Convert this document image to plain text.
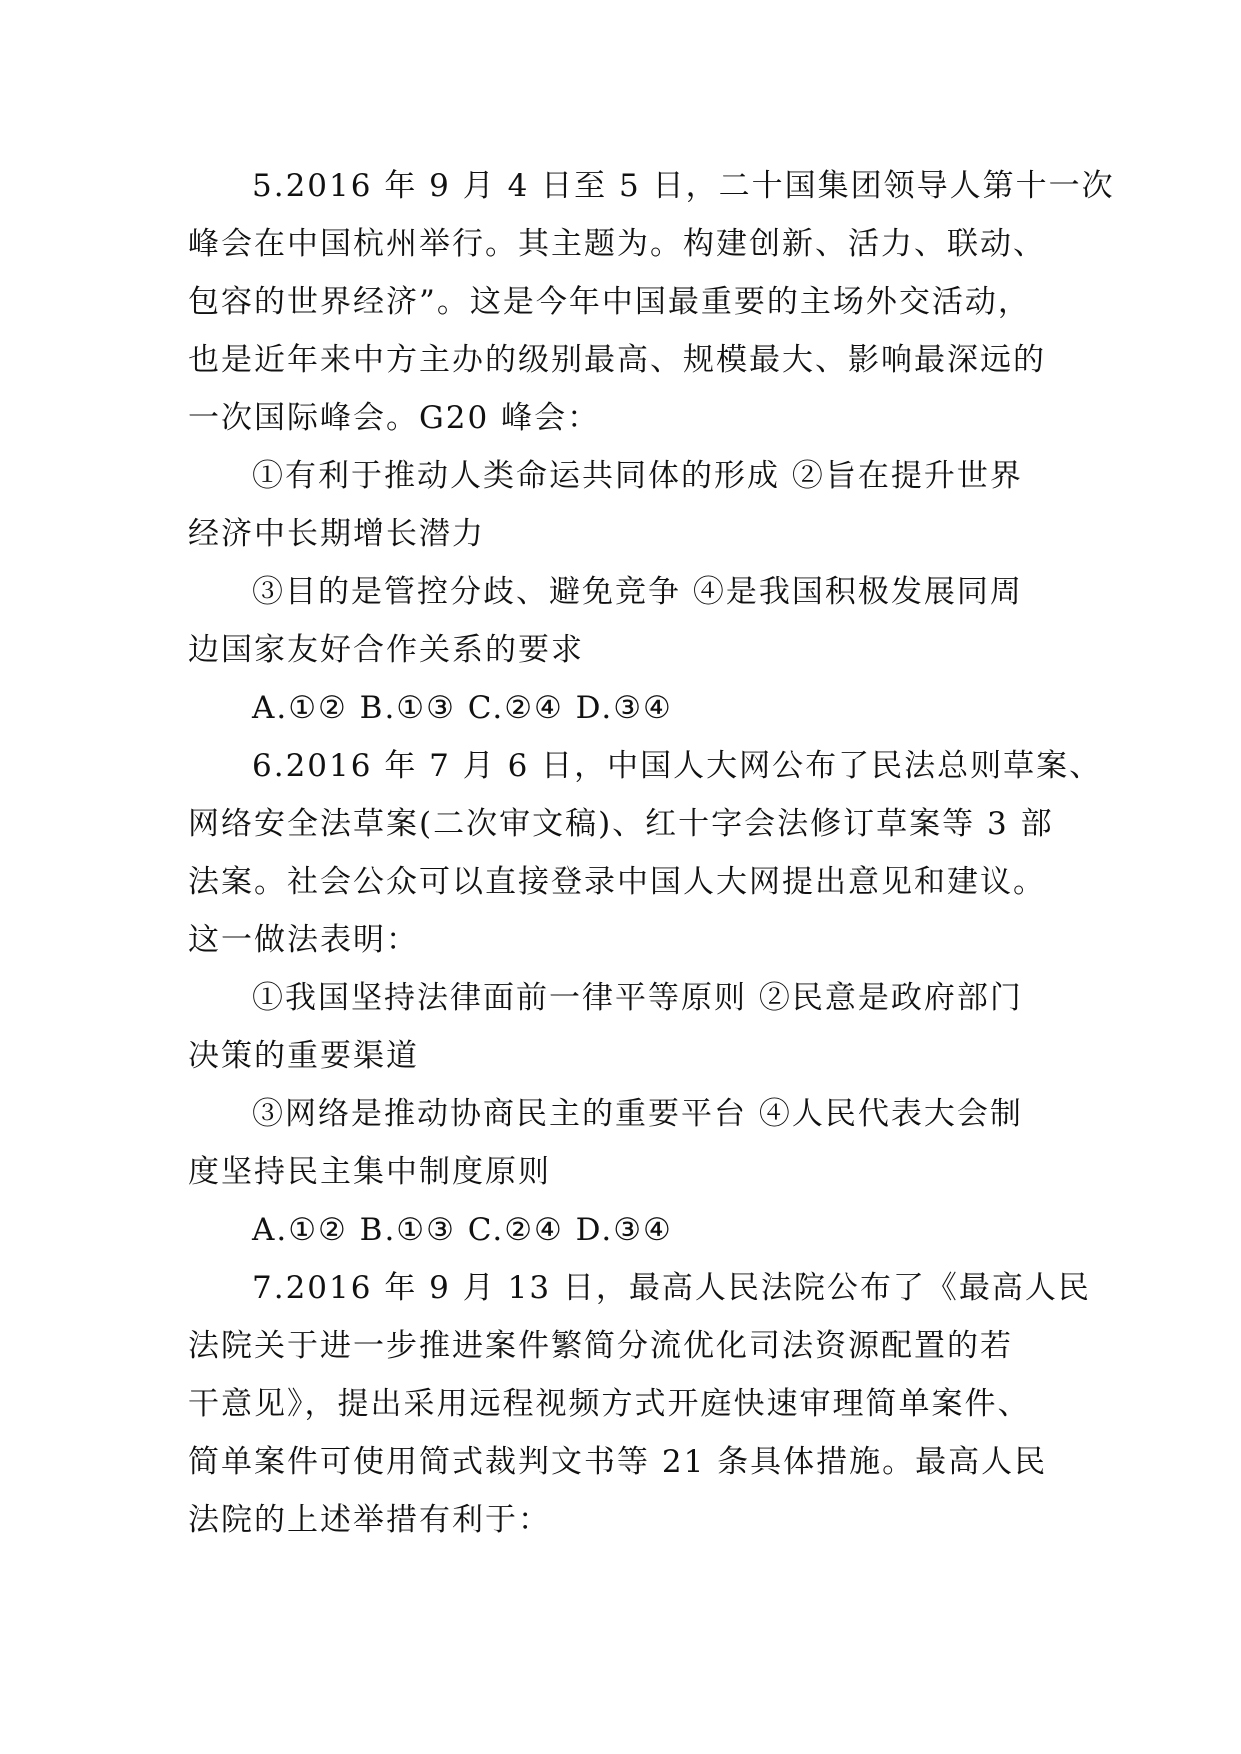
5.2016 年 9 月 4 日至 5 日，二十国集团领导人第十一次
峰会在中国杭州举行。其主题为。构建创新、活力、联动、
包容的世界经济”。这是今年中国最重要的主场外交活动，
也是近年来中方主办的级别最高、规模最大、影响最深远的
一次国际峰会。G20 峰会：
①有利于推动人类命运共同体的形成 ②旨在提升世界
经济中长期增长潜力
③目的是管控分歧、避免竞争 ④是我国积极发展同周
边国家友好合作关系的要求
A.①② B.①③ C.②④ D.③④
6.2016 年 7 月 6 日，中国人大网公布了民法总则草案、
网络安全法草案(二次审文稿)、红十字会法修订草案等 3 部
法案。社会公众可以直接登录中国人大网提出意见和建议。
这一做法表明：
①我国坚持法律面前一律平等原则 ②民意是政府部门
决策的重要渠道
③网络是推动协商民主的重要平台 ④人民代表大会制
度坚持民主集中制度原则
A.①② B.①③ C.②④ D.③④
7.2016 年 9 月 13 日，最高人民法院公布了《最高人民
法院关于进一步推进案件繁简分流优化司法资源配置的若
干意见》，提出采用远程视频方式开庭快速审理简单案件、
简单案件可使用简式裁判文书等 21 条具体措施。最高人民
法院的上述举措有利于：
